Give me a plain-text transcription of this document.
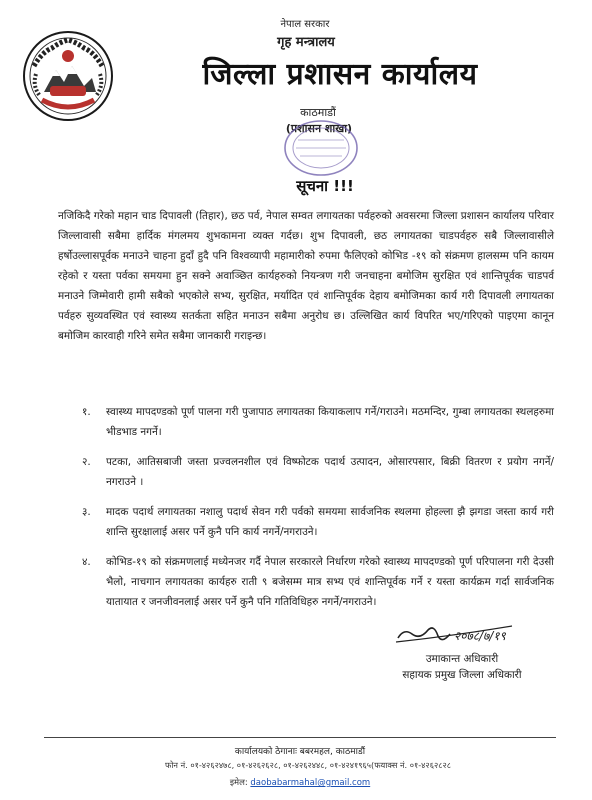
नेपाल सरकार
गृह मन्त्रालय
जिल्ला प्रशासन कार्यालय
काठमाडौं
(प्रशासन शाखा)
सूचना !!!
नजिकिदै गरेको महान चाड दिपावली (तिहार), छठ पर्व, नेपाल सम्वत लगायतका पर्वहरुको अवसरमा जिल्ला प्रशासन कार्यालय परिवार जिल्लावासी सबैमा हार्दिक मंगलमय शुभकामना व्यक्त गर्दछ। शुभ दिपावली, छठ लगायतका चाडपर्वहरु सबै जिल्लावासीले हर्षोउल्लासपूर्वक मनाउने चाहना हुदाँ हुदै पनि विश्वव्यापी महामारीको रुपमा फैलिएको कोभिड -१९ को संक्रमण हालसम्म पनि कायम रहेको र यस्ता पर्वका समयमा हुन सक्ने अवाञ्छित कार्यहरुको नियन्त्रण गरी जनचाहना बमोजिम सुरक्षित एवं शान्तिपूर्वक चाडपर्व मनाउने जिम्मेवारी हामी सबैको भएकोले सभ्य, सुरक्षित, मर्यादित एवं शान्तिपूर्वक देहाय बमोजिमका कार्य गरी दिपावली लगायतका पर्वहरु सुव्यवस्थित एवं स्वास्थ्य सतर्कता सहित मनाउन सबैमा अनुरोध छ। उल्लिखित कार्य विपरित भए/गरिएको पाइएमा कानून बमोजिम कारवाही गरिने समेत सबैमा जानकारी गराइन्छ।
१.	स्वास्थ्य मापदण्डको पूर्ण पालना गरी पुजापाठ लगायतका कियाकलाप गर्ने/गराउने। मठमन्दिर, गुम्बा लगायतका स्थलहरुमा भीडभाड नगर्ने।
२.	पटका, आतिसबाजी जस्ता प्रज्वलनशील एवं विष्फोटक पदार्थ उत्पादन, ओसारपसार, बिक्री वितरण र प्रयोग नगर्ने/नगराउने ।
३.	मादक पदार्थ लगायतका नशालु पदार्थ सेवन गरी पर्वको समयमा सार्वजनिक स्थलमा होहल्ला झै झगडा जस्ता कार्य गरी शान्ति सुरक्षालाई असर पर्ने कुनै पनि कार्य नगर्ने/नगराउने।
४.	कोभिड-१९ को संक्रमणलाई मध्येनजर गर्दै नेपाल सरकारले निर्धारण गरेको स्वास्थ्य मापदण्डको पूर्ण परिपालना गरी देउसी भैलो, नाचगान लगायतका कार्यहरु राती ९ बजेसम्म मात्र सभ्य एवं शान्तिपूर्वक गर्ने र यस्ता कार्यक्रम गर्दा सार्वजनिक यातायात र जनजीवनलाई असर पर्ने कुनै पनि गतिविधिहरु नगर्ने/नगराउने।
२०७८/७/१९
उमाकान्त अधिकारी
सहायक प्रमुख जिल्ला अधिकारी
कार्यालयको ठेगानाः बबरमहल, काठमाडौं
फोन नं. ०१-४२६२४७८, ०१-४२६२६२८, ०१-४२६२४४८, ०१-४२४१९६५(फयाक्स नं. ०१-४२६२८२८
इमेल: daobabarmahal@gmail.com
